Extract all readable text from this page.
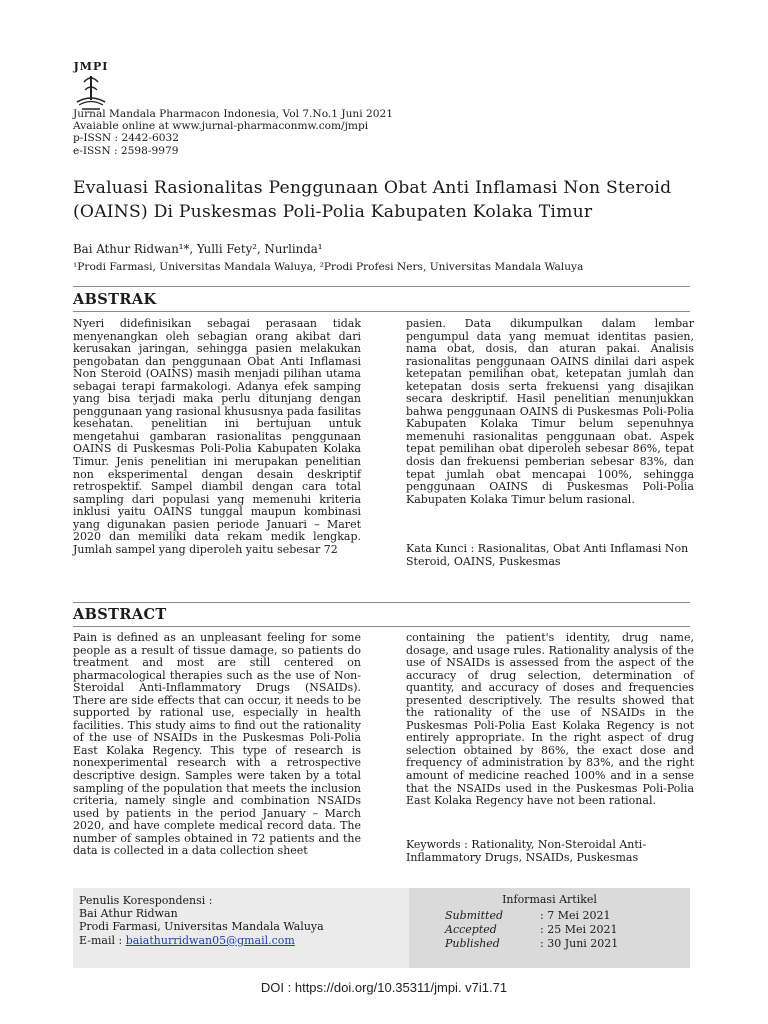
JMPI
Jurnal Mandala Pharmacon Indonesia, Vol 7.No.1 Juni 2021
Avaiable online at www.jurnal-pharmaconmw.com/jmpi
p-ISSN : 2442-6032
e-ISSN : 2598-9979
Evaluasi Rasionalitas Penggunaan Obat Anti Inflamasi Non Steroid
(OAINS) Di Puskesmas Poli-Polia Kabupaten Kolaka Timur
Bai Athur Ridwan¹*, Yulli Fety², Nurlinda¹
¹Prodi Farmasi, Universitas Mandala Waluya, ²Prodi Profesi Ners, Universitas Mandala Waluya
ABSTRAK
Nyeri didefinisikan sebagai perasaan tidak menyenangkan oleh sebagian orang akibat dari kerusakan jaringan, sehingga pasien melakukan pengobatan dan penggunaan Obat Anti Inflamasi Non Steroid (OAINS) masih menjadi pilihan utama sebagai terapi farmakologi. Adanya efek samping yang bisa terjadi maka perlu ditunjang dengan penggunaan yang rasional khususnya pada fasilitas kesehatan. penelitian ini bertujuan untuk mengetahui gambaran rasionalitas penggunaan OAINS di Puskesmas Poli-Polia Kabupaten Kolaka Timur. Jenis penelitian ini merupakan penelitian non eksperimental dengan desain deskriptif retrospektif. Sampel diambil dengan cara total sampling dari populasi yang memenuhi kriteria inklusi yaitu OAINS tunggal maupun kombinasi yang digunakan pasien periode Januari – Maret 2020 dan memiliki data rekam medik lengkap. Jumlah sampel yang diperoleh yaitu sebesar 72
pasien. Data dikumpulkan dalam lembar pengumpul data yang memuat identitas pasien, nama obat, dosis, dan aturan pakai. Analisis rasionalitas penggunaan OAINS dinilai dari aspek ketepatan pemilihan obat, ketepatan jumlah dan ketepatan dosis serta frekuensi yang disajikan secara deskriptif. Hasil penelitian menunjukkan bahwa penggunaan OAINS di Puskesmas Poli-Polia Kabupaten Kolaka Timur belum sepenuhnya memenuhi rasionalitas penggunaan obat. Aspek tepat pemilihan obat diperoleh sebesar 86%, tepat dosis dan frekuensi pemberian sebesar 83%, dan tepat jumlah obat mencapai 100%, sehingga penggunaan OAINS di Puskesmas Poli-Polia Kabupaten Kolaka Timur belum rasional.
Kata Kunci : Rasionalitas, Obat Anti Inflamasi Non Steroid, OAINS, Puskesmas
ABSTRACT
Pain is defined as an unpleasant feeling for some people as a result of tissue damage, so patients do treatment and most are still centered on pharmacological therapies such as the use of Non-Steroidal Anti-Inflammatory Drugs (NSAIDs). There are side effects that can occur, it needs to be supported by rational use, especially in health facilities. This study aims to find out the rationality of the use of NSAIDs in the Puskesmas Poli-Polia East Kolaka Regency. This type of research is nonexperimental research with a retrospective descriptive design. Samples were taken by a total sampling of the population that meets the inclusion criteria, namely single and combination NSAIDs used by patients in the period January – March 2020, and have complete medical record data. The number of samples obtained in 72 patients and the data is collected in a data collection sheet
containing the patient's identity, drug name, dosage, and usage rules. Rationality analysis of the use of NSAIDs is assessed from the aspect of the accuracy of drug selection, determination of quantity, and accuracy of doses and frequencies presented descriptively. The results showed that the rationality of the use of NSAIDs in the Puskesmas Poli-Polia East Kolaka Regency is not entirely appropriate. In the right aspect of drug selection obtained by 86%, the exact dose and frequency of administration by 83%, and the right amount of medicine reached 100% and in a sense that the NSAIDs used in the Puskesmas Poli-Polia East Kolaka Regency have not been rational.
Keywords : Rationality, Non-Steroidal Anti-Inflammatory Drugs, NSAIDs, Puskesmas
Penulis Korespondensi :
Bai Athur Ridwan
Prodi Farmasi, Universitas Mandala Waluya
E-mail : baiathurridwan05@gmail.com
Informasi Artikel
Submitted	: 7 Mei 2021
Accepted	: 25 Mei 2021
Published	: 30 Juni 2021
DOI : https://doi.org/10.35311/jmpi. v7i1.71
